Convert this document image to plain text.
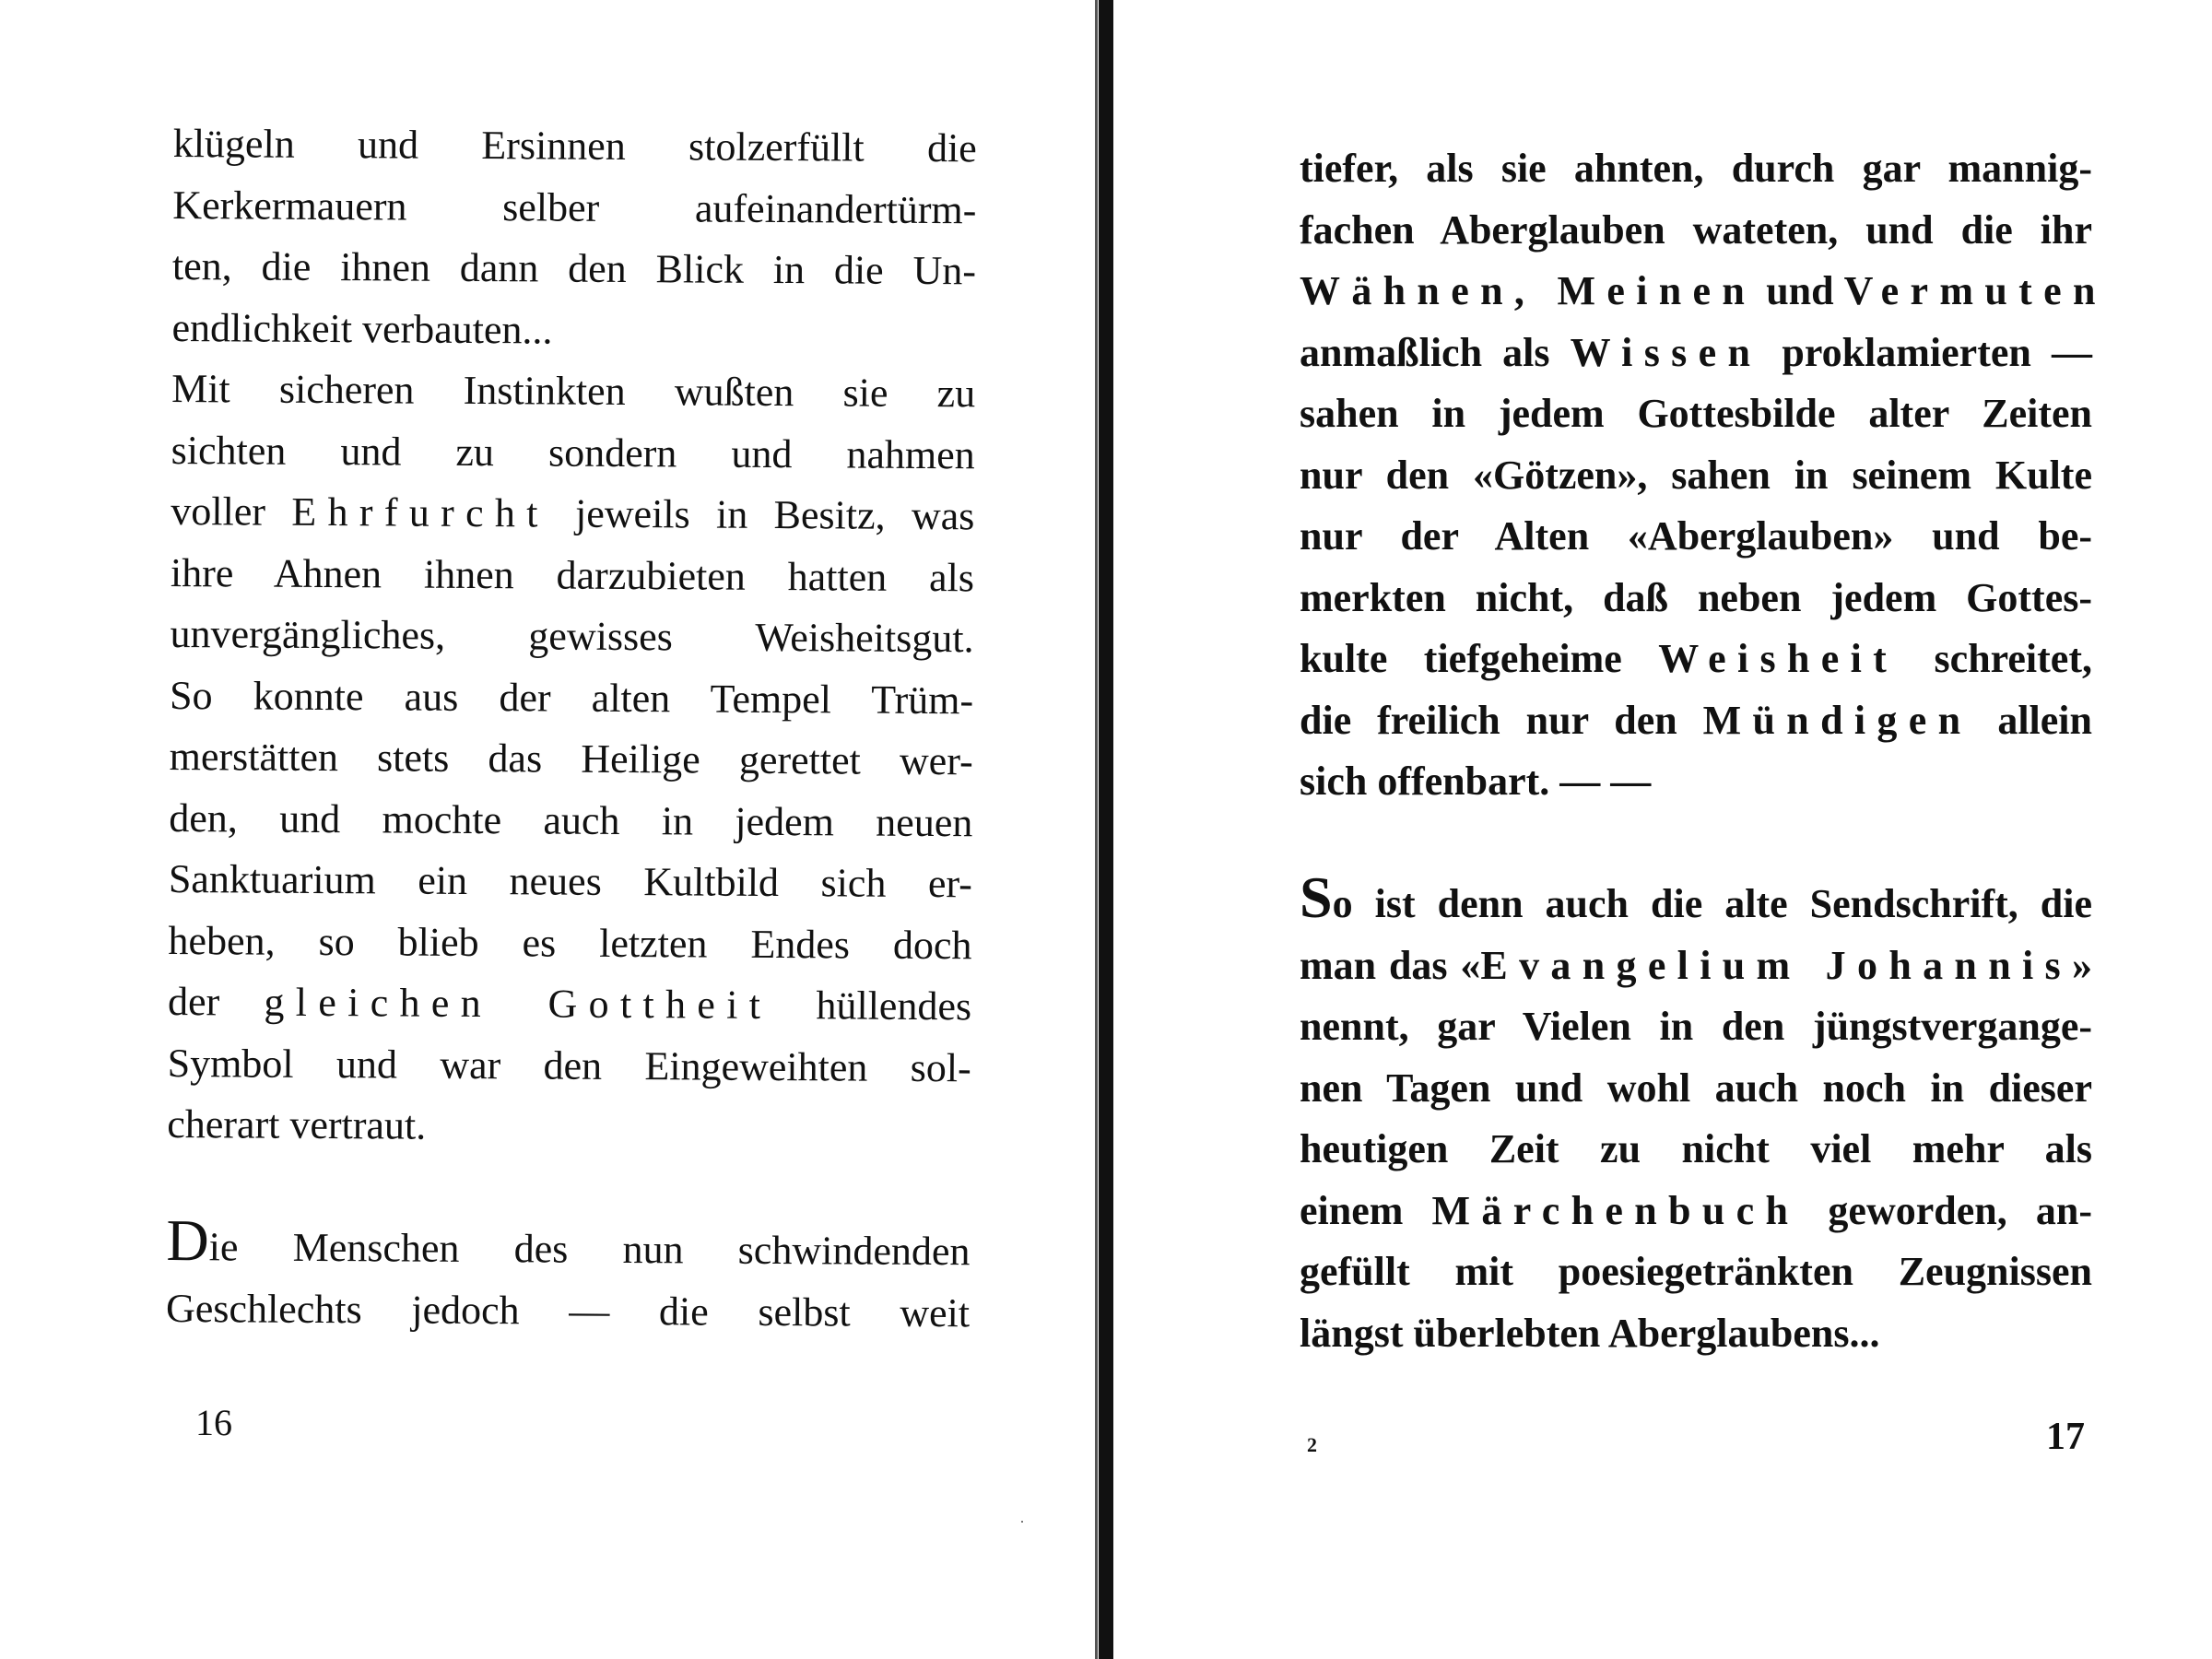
klügeln und Ersinnen stolzerfüllt die
Kerkermauern selber aufeinandertürm-
ten, die ihnen dann den Blick in die Un-
endlichkeit verbauten...
Mit sicheren Instinkten wußten sie zu
sichten und zu sondern und nahmen
voller Ehrfurcht jeweils in Besitz, was
ihre Ahnen ihnen darzubieten hatten als
unvergängliches, gewisses Weisheitsgut.
So konnte aus der alten Tempel Trüm-
merstätten stets das Heilige gerettet wer-
den, und mochte auch in jedem neuen
Sanktuarium ein neues Kultbild sich er-
heben, so blieb es letzten Endes doch
der gleichen Gottheit hüllendes
Symbol und war den Eingeweihten sol-
cherart vertraut.
Die Menschen des nun schwindenden
Geschlechts jedoch — die selbst weit
16
tiefer, als sie ahnten, durch gar mannig-
fachen Aberglauben wateten, und die ihr
Wähnen, Meinen und Vermuten
anmaßlich als Wissen proklamierten —
sahen in jedem Gottesbilde alter Zeiten
nur den «Götzen», sahen in seinem Kulte
nur der Alten «Aberglauben» und be-
merkten nicht, daß neben jedem Gottes-
kulte tiefgeheime Weisheit schreitet,
die freilich nur den Mündigen allein
sich offenbart. — —
So ist denn auch die alte Sendschrift, die
man das «Evangelium Johannis»
nennt, gar Vielen in den jüngstvergange-
nen Tagen und wohl auch noch in dieser
heutigen Zeit zu nicht viel mehr als
einem Märchenbuch geworden, an-
gefüllt mit poesiegetränkten Zeugnissen
längst überlebten Aberglaubens...
2	17
